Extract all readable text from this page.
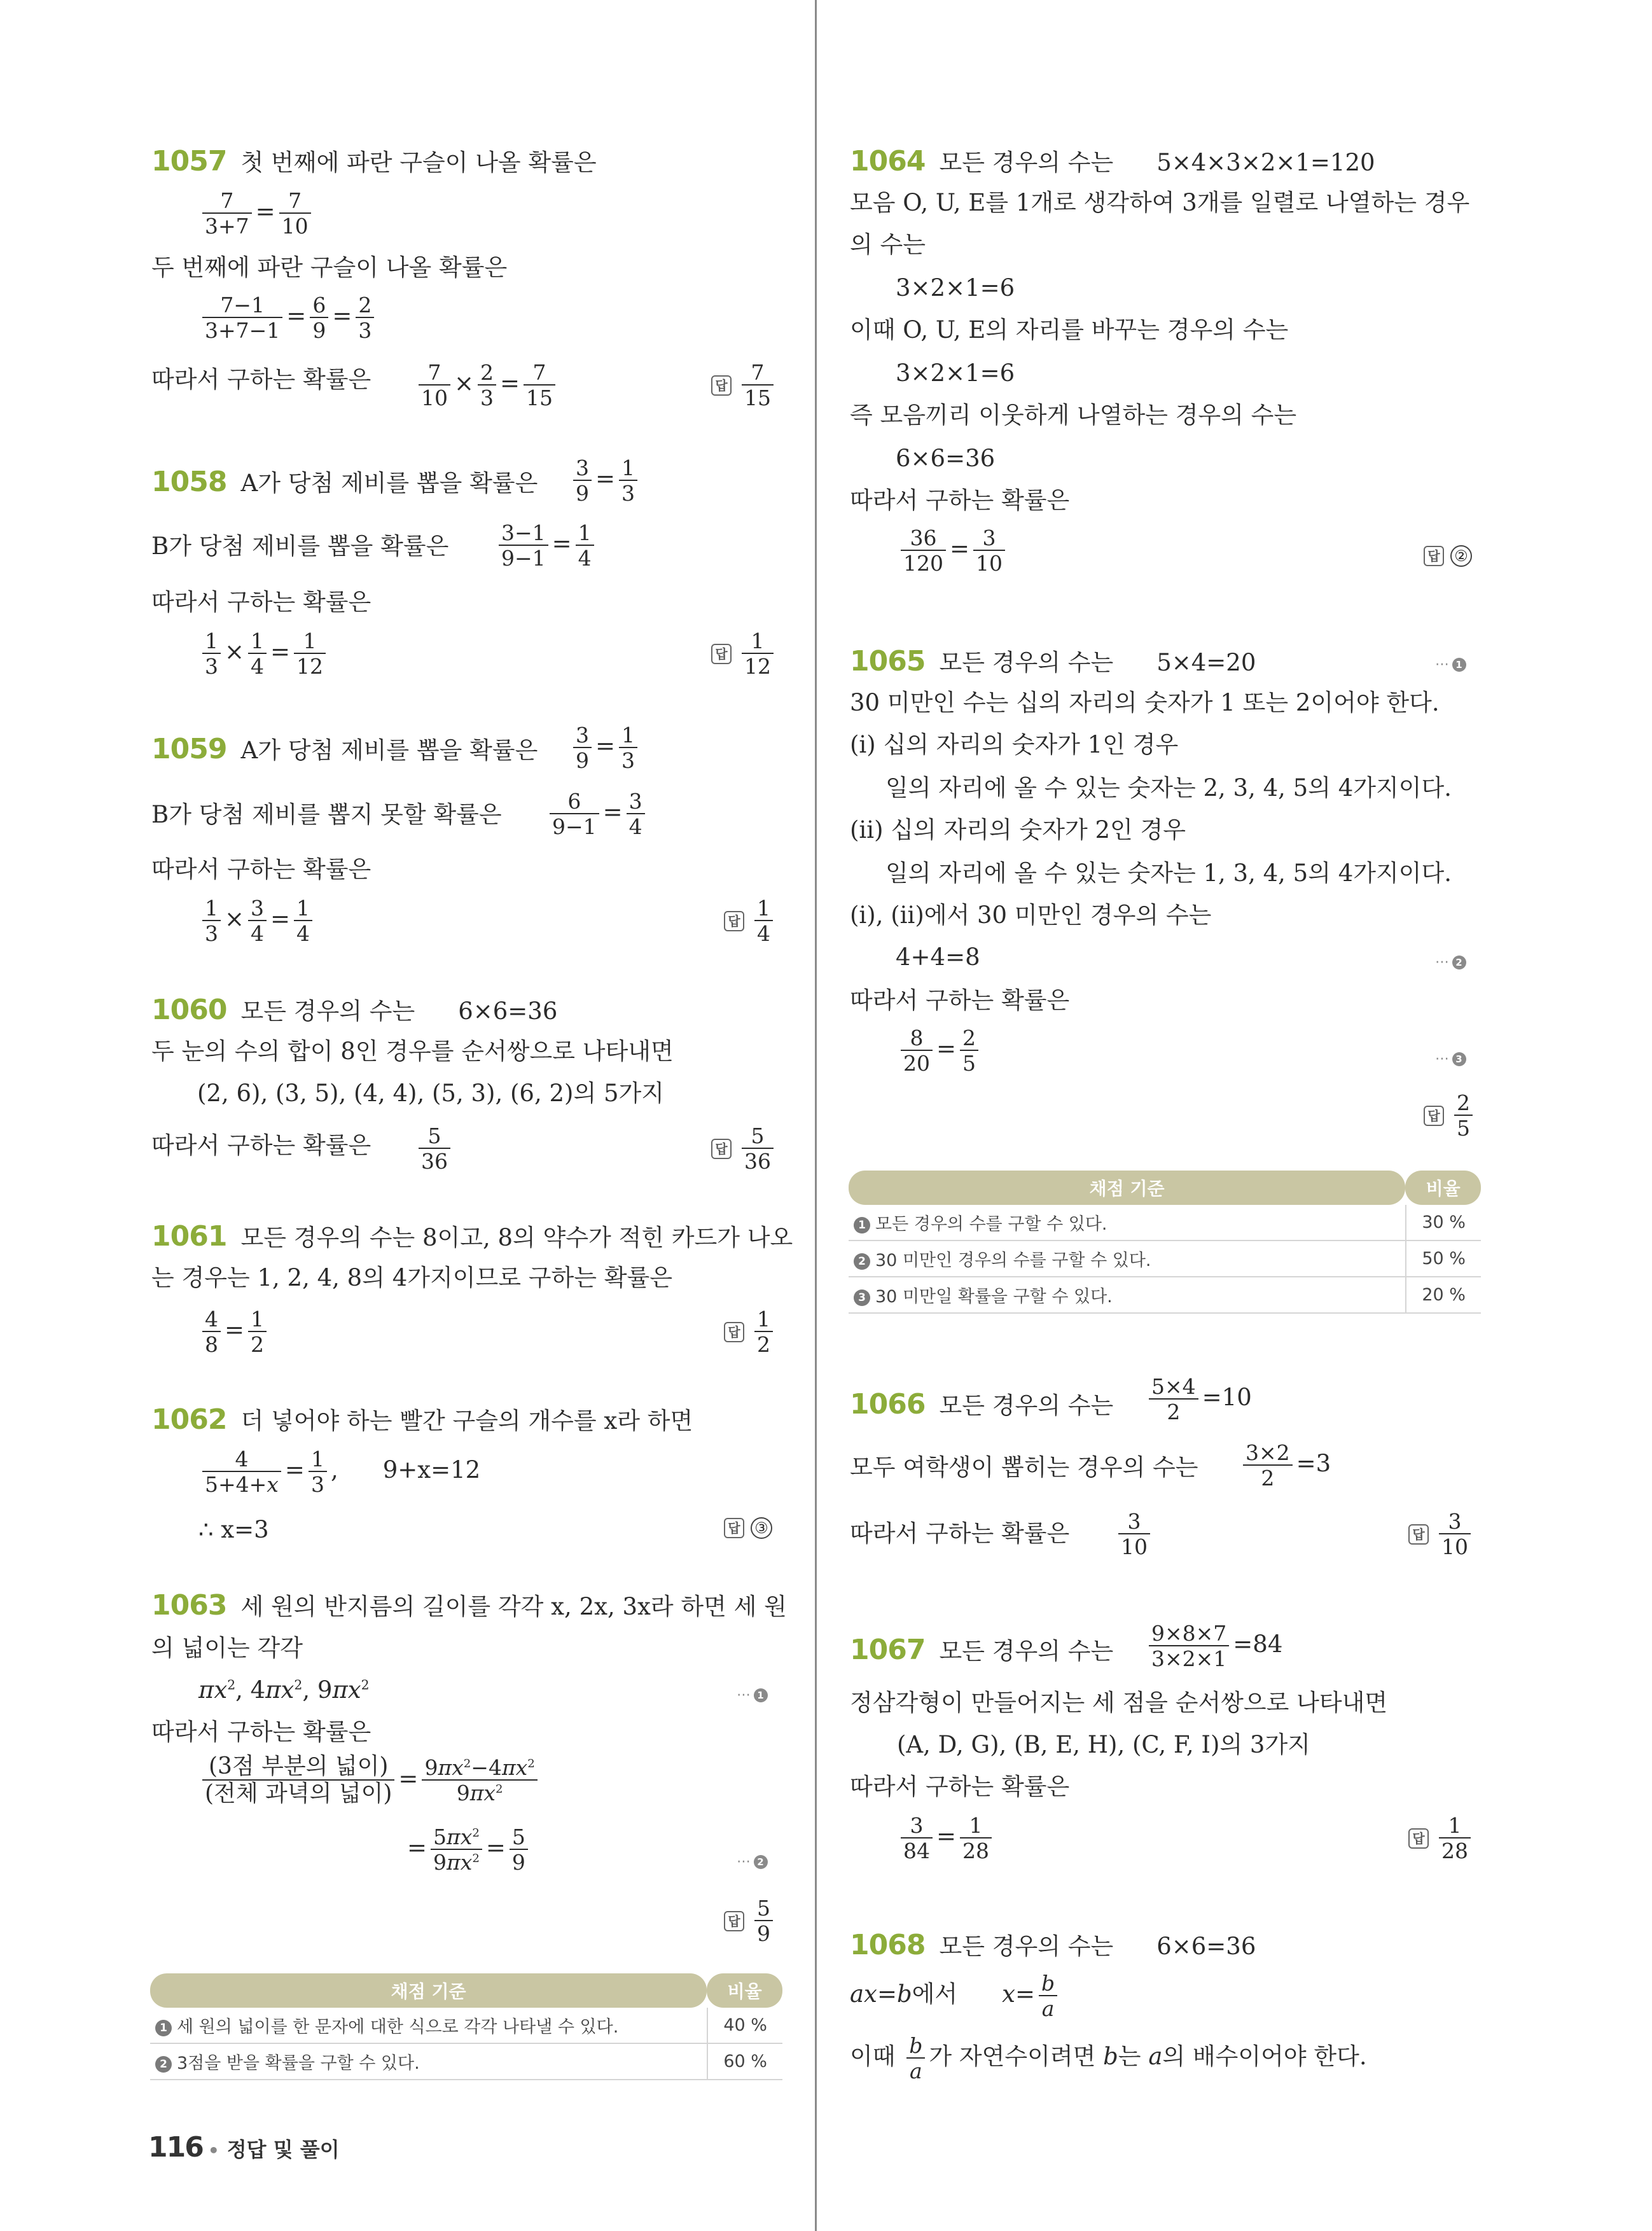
1057 첫 번째에 파란 구슬이 나올 확률은
$\frac{7}{3+7} = \frac{7}{10}$
두 번째에 파란 구슬이 나올 확률은
$\frac{7-1}{3+7-1} = \frac{6}{9} = \frac{2}{3}$
따라서 구하는 확률은 $\frac{7}{10} \times \frac{2}{3} = \frac{7}{15}$	답 $\frac{7}{15}$
1058 A가 당첨 제비를 뽑을 확률은 $\frac{3}{9} = \frac{1}{3}$
B가 당첨 제비를 뽑을 확률은 $\frac{3-1}{9-1} = \frac{1}{4}$
따라서 구하는 확률은
$\frac{1}{3} \times \frac{1}{4} = \frac{1}{12}$	답 $\frac{1}{12}$
1059 A가 당첨 제비를 뽑을 확률은 $\frac{3}{9} = \frac{1}{3}$
B가 당첨 제비를 뽑지 못할 확률은 $\frac{6}{9-1} = \frac{3}{4}$
따라서 구하는 확률은
$\frac{1}{3} \times \frac{3}{4} = \frac{1}{4}$	답 $\frac{1}{4}$
1060 모든 경우의 수는 6×6=36
두 눈의 수의 합이 8인 경우를 순서쌍으로 나타내면
(2, 6), (3, 5), (4, 4), (5, 3), (6, 2)의 5가지
따라서 구하는 확률은 $\frac{5}{36}$	답 $\frac{5}{36}$
1061 모든 경우의 수는 8이고, 8의 약수가 적힌 카드가 나오
는 경우는 1, 2, 4, 8의 4가지이므로 구하는 확률은
$\frac{4}{8} = \frac{1}{2}$	답 $\frac{1}{2}$
1062 더 넣어야 하는 빨간 구슬의 개수를 x라 하면
$\frac{4}{5+4+x} = \frac{1}{3}$ , 9+x=12
∴ x=3	답 ③
1063 세 원의 반지름의 길이를 각각 x, 2x, 3x라 하면 세 원
의 넓이는 각각
$\pi x^2$, $4\pi x^2$, $9\pi x^2$
⋯ 1
따라서 구하는 확률은
$\frac{\text{(3점 부분의 넓이)}}{\text{(전체 과녁의 넓이)}} = \frac{9\pi x^2-4\pi x^2}{9\pi x^2}$
= $\frac{5\pi x^2}{9\pi x^2} = \frac{5}{9}$	⋯ 2
답 $\frac{5}{9}$
채점 기준	비율
1 세 원의 넓이를 한 문자에 대한 식으로 각각 나타낼 수 있다.	40 %
2 3점을 받을 확률을 구할 수 있다.	60 %
116 • 정답 및 풀이
1064 모든 경우의 수는 5×4×3×2×1=120
모음 O, U, E를 1개로 생각하여 3개를 일렬로 나열하는 경우
의 수는
3×2×1=6
이때 O, U, E의 자리를 바꾸는 경우의 수는
3×2×1=6
즉 모음끼리 이웃하게 나열하는 경우의 수는
6×6=36
따라서 구하는 확률은
$\frac{36}{120} = \frac{3}{10}$	답 ②
1065 모든 경우의 수는 5×4=20	⋯ 1
30 미만인 수는 십의 자리의 숫자가 1 또는 2이어야 한다.
(ⅰ) 십의 자리의 숫자가 1인 경우
일의 자리에 올 수 있는 숫자는 2, 3, 4, 5의 4가지이다.
(ⅱ) 십의 자리의 숫자가 2인 경우
일의 자리에 올 수 있는 숫자는 1, 3, 4, 5의 4가지이다.
(ⅰ), (ⅱ)에서 30 미만인 경우의 수는
4+4=8	⋯ 2
따라서 구하는 확률은
$\frac{8}{20} = \frac{2}{5}$	⋯ 3
답 $\frac{2}{5}$
채점 기준	비율
1 모든 경우의 수를 구할 수 있다.	30 %
2 30 미만인 경우의 수를 구할 수 있다.	50 %
3 30 미만일 확률을 구할 수 있다.	20 %
1066 모든 경우의 수는 $\frac{5\times 4}{2} =10$
모두 여학생이 뽑히는 경우의 수는 $\frac{3\times 2}{2} =3$
따라서 구하는 확률은 $\frac{3}{10}$	답 $\frac{3}{10}$
1067 모든 경우의 수는 $\frac{9\times 8\times 7}{3\times 2\times 1} =84$
정삼각형이 만들어지는 세 점을 순서쌍으로 나타내면
(A, D, G), (B, E, H), (C, F, I)의 3가지
따라서 구하는 확률은
$\frac{3}{84} = \frac{1}{28}$	답 $\frac{1}{28}$
1068 모든 경우의 수는 6×6=36
ax=b에서 $x= \frac{b}{a}$
이때 $\frac{b}{a}$ 가 자연수이려면 b는 a의 배수이어야 한다.
